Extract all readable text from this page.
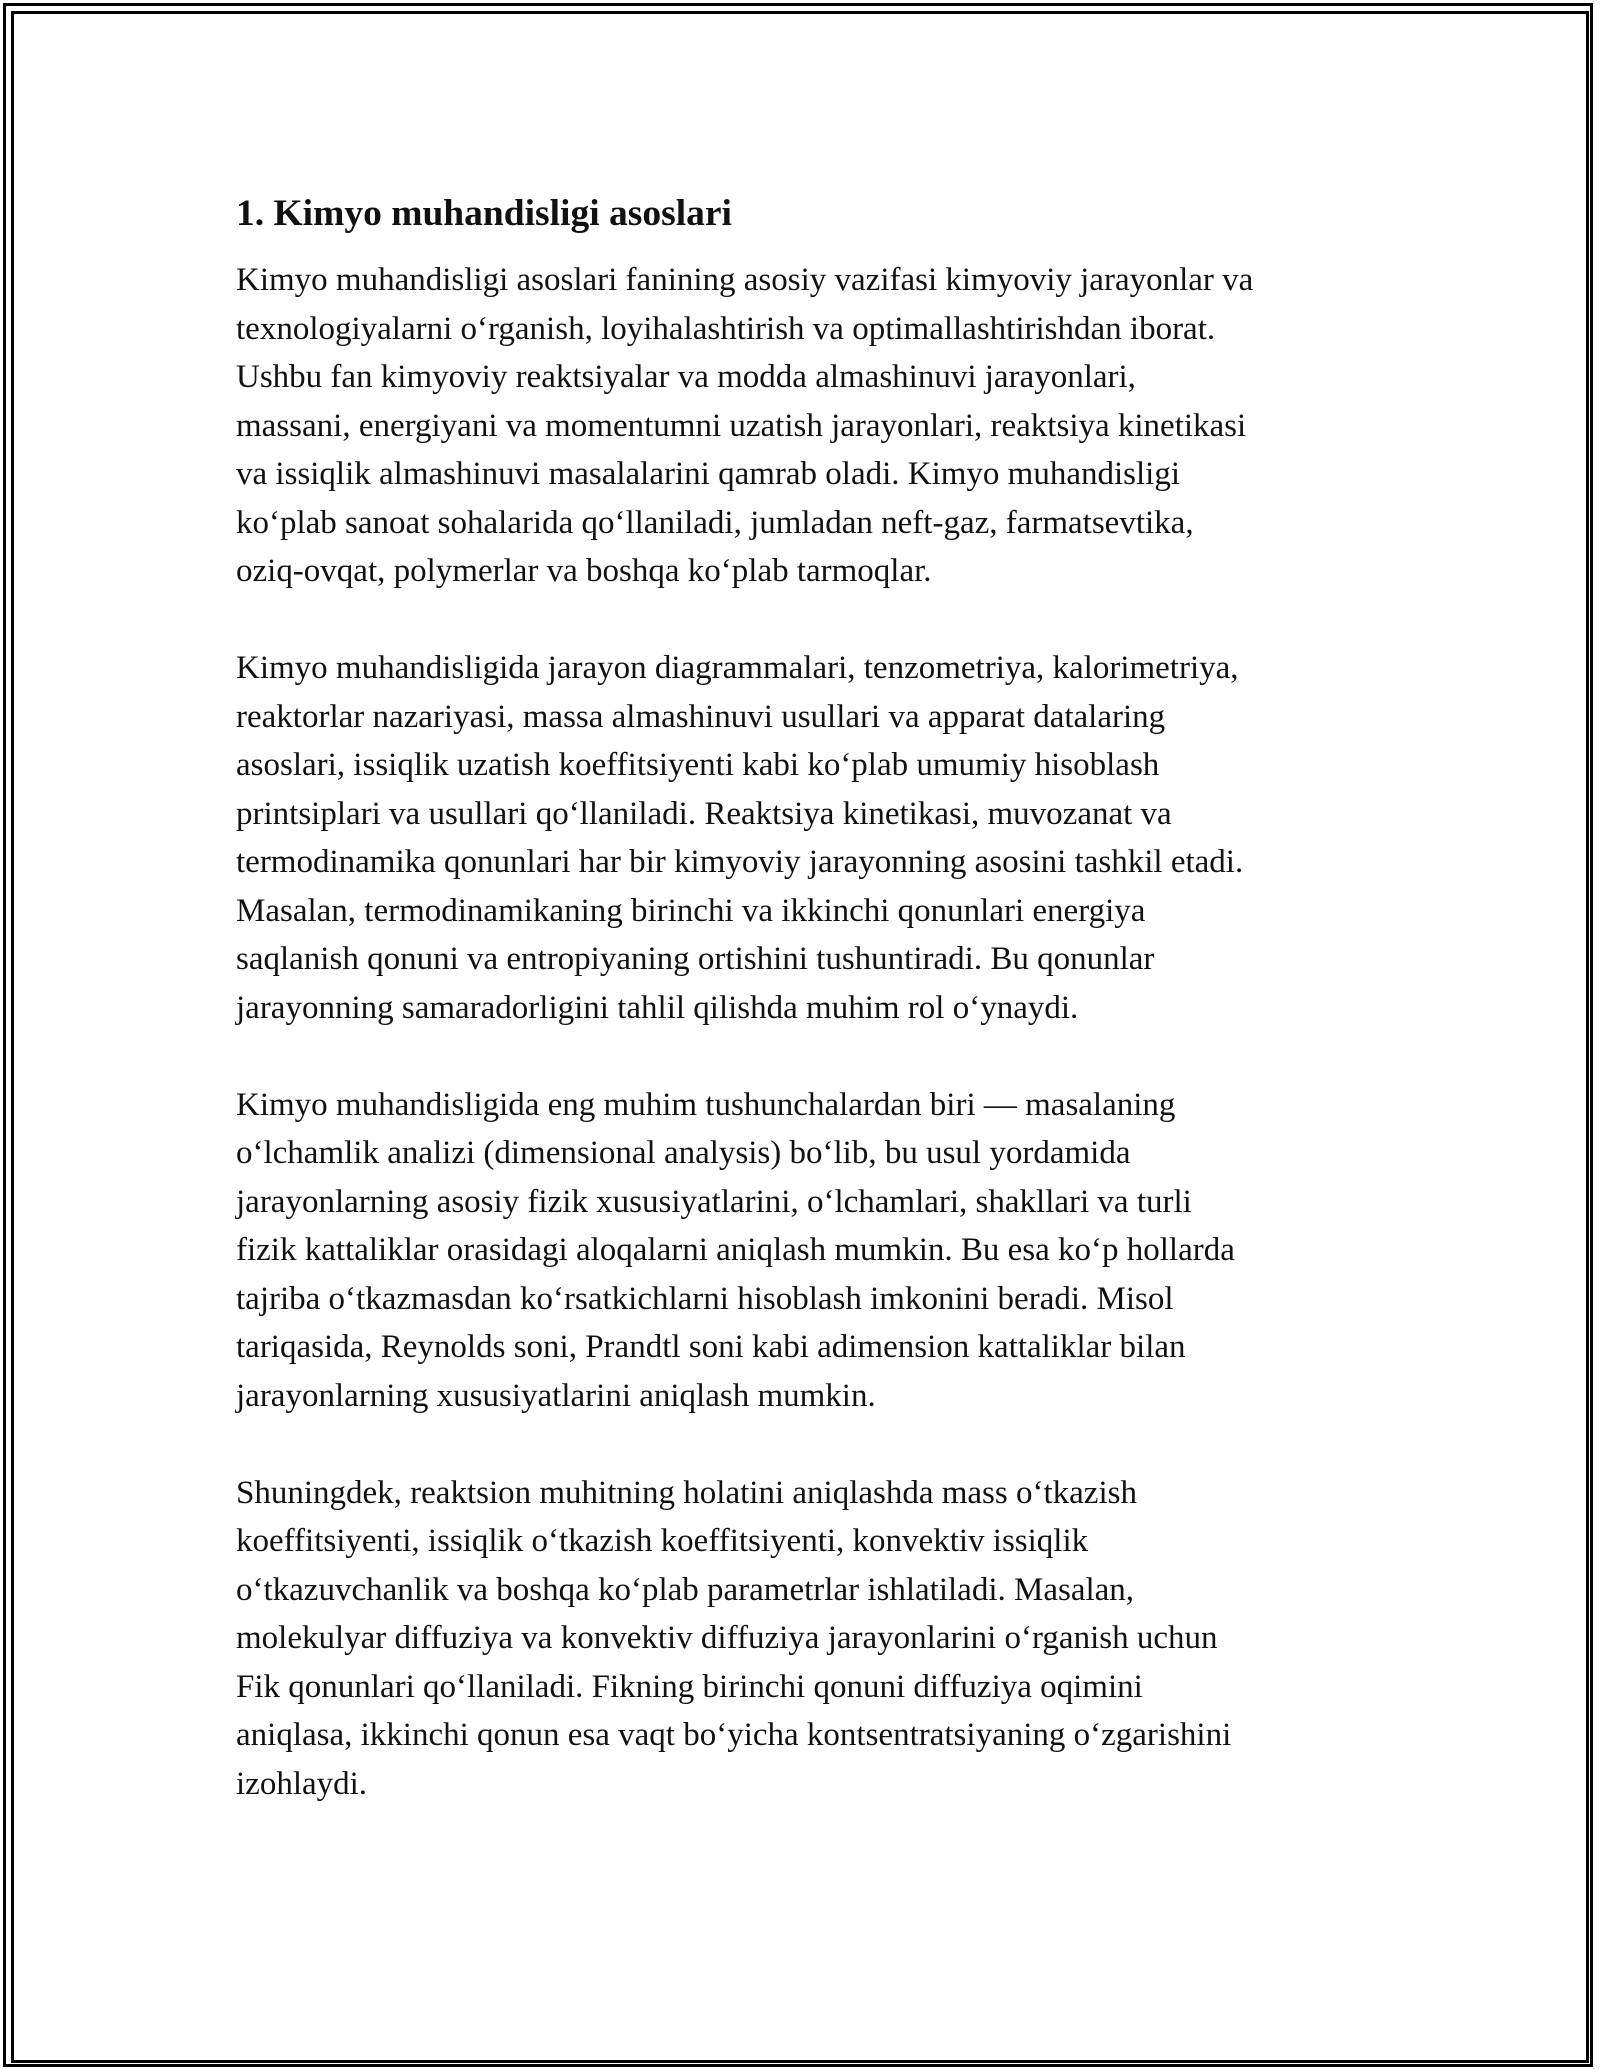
1. Kimyo muhandisligi asoslari

Kimyo muhandisligi asoslari fanining asosiy vazifasi kimyoviy jarayonlar va
texnologiyalarni o‘rganish, loyihalashtirish va optimallashtirishdan iborat.
Ushbu fan kimyoviy reaktsiyalar va modda almashinuvi jarayonlari,
massani, energiyani va momentumni uzatish jarayonlari, reaktsiya kinetikasi
va issiqlik almashinuvi masalalarini qamrab oladi. Kimyo muhandisligi
ko‘plab sanoat sohalarida qo‘llaniladi, jumladan neft-gaz, farmatsevtika,
oziq-ovqat, polymerlar va boshqa ko‘plab tarmoqlar.

Kimyo muhandisligida jarayon diagrammalari, tenzometriya, kalorimetriya,
reaktorlar nazariyasi, massa almashinuvi usullari va apparat datalaring
asoslari, issiqlik uzatish koeffitsiyenti kabi ko‘plab umumiy hisoblash
printsiplari va usullari qo‘llaniladi. Reaktsiya kinetikasi, muvozanat va
termodinamika qonunlari har bir kimyoviy jarayonning asosini tashkil etadi.
Masalan, termodinamikaning birinchi va ikkinchi qonunlari energiya
saqlanish qonuni va entropiyaning ortishini tushuntiradi. Bu qonunlar
jarayonning samaradorligini tahlil qilishda muhim rol o‘ynaydi.

Kimyo muhandisligida eng muhim tushunchalardan biri — masalaning
o‘lchamlik analizi (dimensional analysis) bo‘lib, bu usul yordamida
jarayonlarning asosiy fizik xususiyatlarini, o‘lchamlari, shakllari va turli
fizik kattaliklar orasidagi aloqalarni aniqlash mumkin. Bu esa ko‘p hollarda
tajriba o‘tkazmasdan ko‘rsatkichlarni hisoblash imkonini beradi. Misol
tariqasida, Reynolds soni, Prandtl soni kabi adimension kattaliklar bilan
jarayonlarning xususiyatlarini aniqlash mumkin.

Shuningdek, reaktsion muhitning holatini aniqlashda mass o‘tkazish
koeffitsiyenti, issiqlik o‘tkazish koeffitsiyenti, konvektiv issiqlik
o‘tkazuvchanlik va boshqa ko‘plab parametrlar ishlatiladi. Masalan,
molekulyar diffuziya va konvektiv diffuziya jarayonlarini o‘rganish uchun
Fik qonunlari qo‘llaniladi. Fikning birinchi qonuni diffuziya oqimini
aniqlasa, ikkinchi qonun esa vaqt bo‘yicha kontsentratsiyaning o‘zgarishini
izohlaydi.
